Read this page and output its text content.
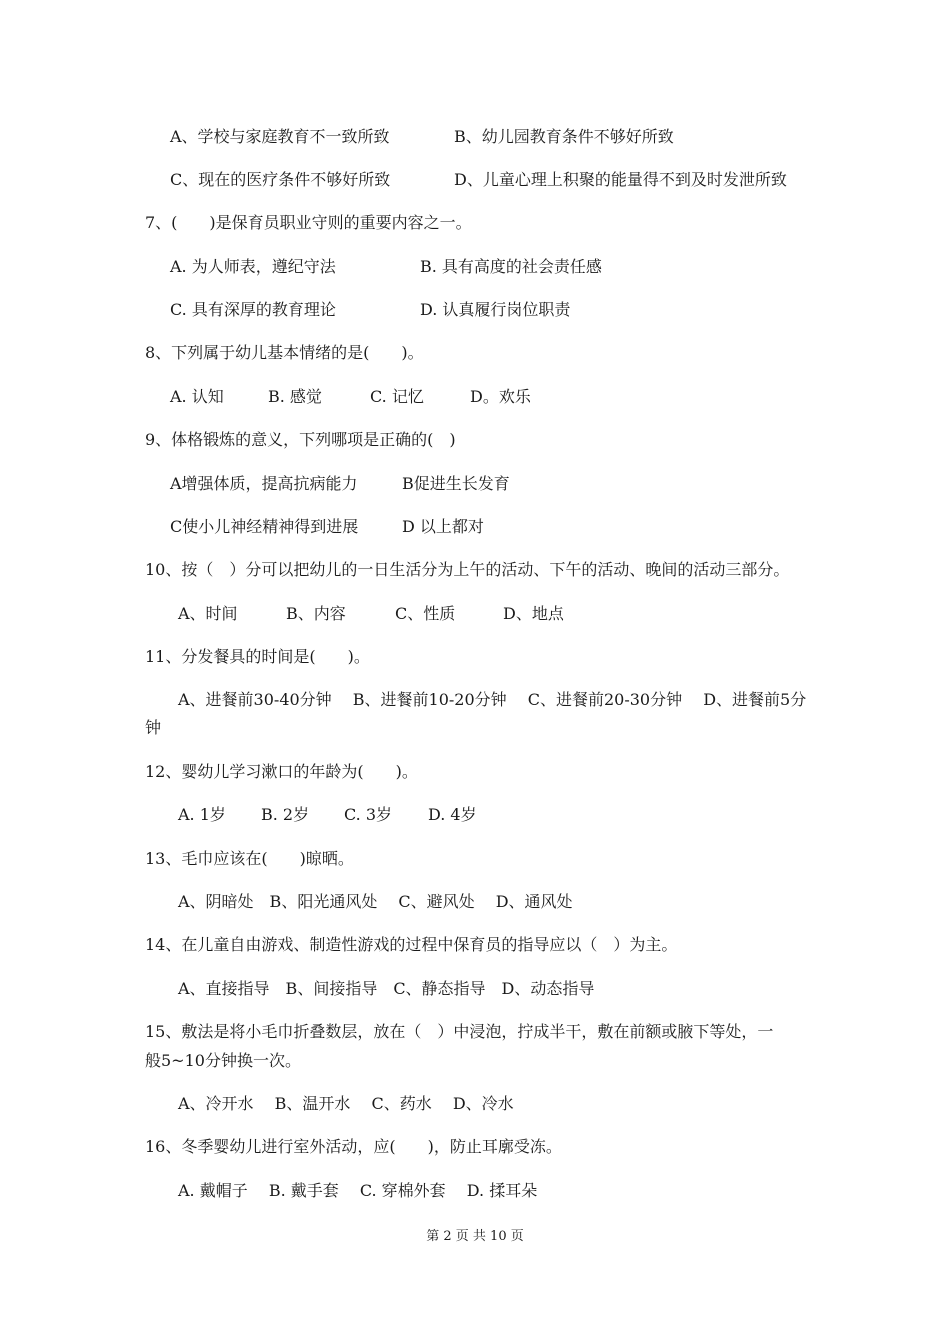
A、学校与家庭教育不一致所致	B、幼儿园教育条件不够好所致
C、现在的医疗条件不够好所致	D、儿童心理上积聚的能量得不到及时发泄所致
7、(　　)是保育员职业守则的重要内容之一。
A. 为人师表，遵纪守法	B. 具有高度的社会责任感
C. 具有深厚的教育理论	D. 认真履行岗位职责
8、下列属于幼儿基本情绪的是(　　)。
A. 认知	B. 感觉	C. 记忆	D。欢乐
9、体格锻炼的意义，下列哪项是正确的(　)
A增强体质，提高抗病能力	B促进生长发育
C使小儿神经精神得到进展	D 以上都对
10、按（　）分可以把幼儿的一日生活分为上午的活动、下午的活动、晚间的活动三部分。
A、时间	B、内容	C、性质	D、地点
11、分发餐具的时间是(　　)。
A、进餐前30-40分钟　 B、进餐前10-20分钟　 C、进餐前20-30分钟　 D、进餐前5分
钟
12、婴幼儿学习漱口的年龄为(　　)。
A. 1岁 B. 2岁 C. 3岁 D. 4岁
13、毛巾应该在(　　)晾晒。
A、阴暗处　B、阳光通风处　 C、避风处　 D、通风处
14、在儿童自由游戏、制造性游戏的过程中保育员的指导应以（　）为主。
A、直接指导　B、间接指导　C、静态指导　D、动态指导
15、敷法是将小毛巾折叠数层，放在（　）中浸泡，拧成半干，敷在前额或腋下等处，一
般5~10分钟换一次。
A、冷开水　 B、温开水　 C、药水　 D、冷水
16、冬季婴幼儿进行室外活动，应(　　)，防止耳廓受冻。
A. 戴帽子　 B. 戴手套　 C. 穿棉外套　 D. 揉耳朵
第 2 页 共 10 页
